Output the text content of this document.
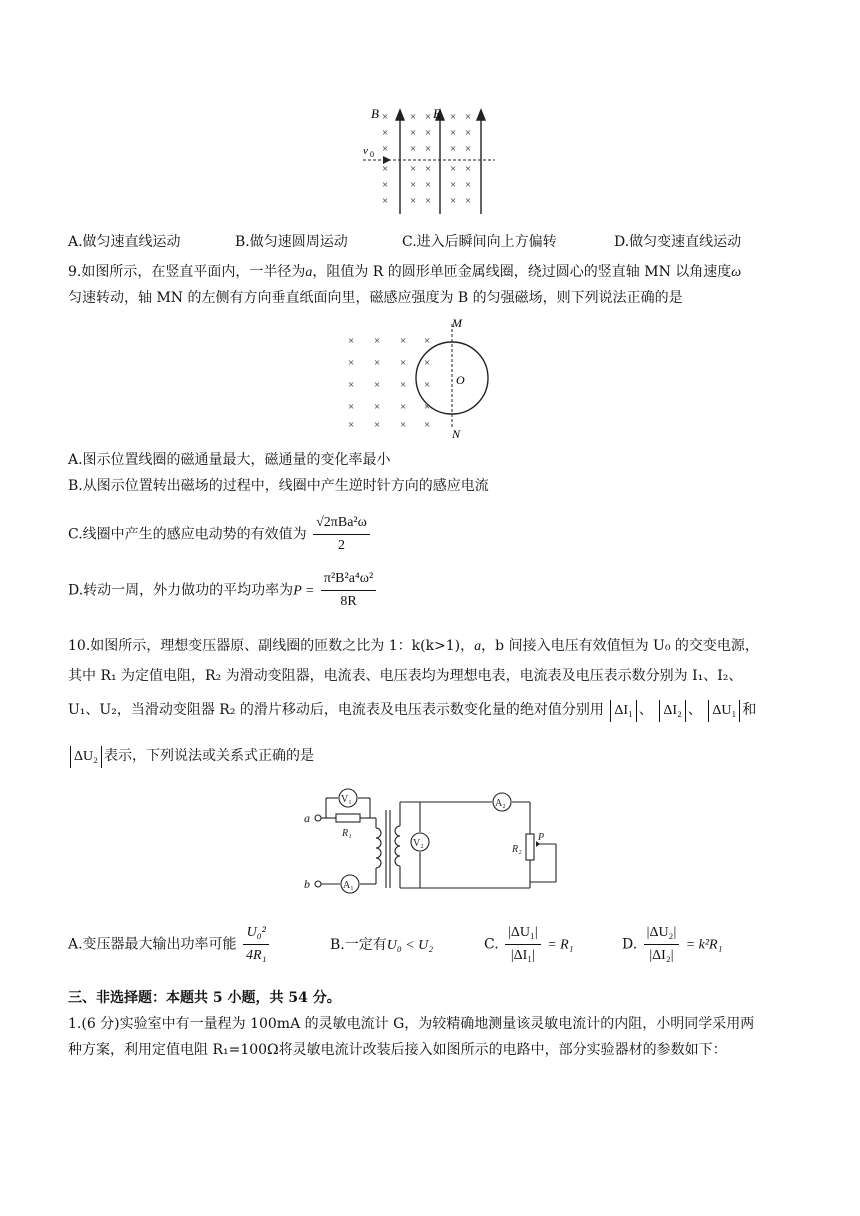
×
×
×
×
×
×
×
×
×
×
×
×
×
×
×
×
×
×
×
×
×
×
×
×
×
×
×
×
×
×
B	E
v 0
A.做匀速直线运动	B.做匀速圆周运动	C.进入后瞬间向上方偏转	D.做匀变速直线运动
9.如图所示，在竖直平面内，一半径为a，阻值为 R 的圆形单匝金属线圈，绕过圆心的竖直轴 MN 以角速度ω
匀速转动，轴 MN 的左侧有方向垂直纸面向里，磁感应强度为 B 的匀强磁场，则下列说法正确的是
×
×
×
×
×
×
×
×
×
×
×
×
×
×
×
×
×
×
×
×
M
N
O
A.图示位置线圈的磁通量最大，磁通量的变化率最小
B.从图示位置转出磁场的过程中，线圈中产生逆时针方向的感应电流
C.线圈中产生的感应电动势的有效值为 $\frac{\text{√2πBa²ω}}{2}$
D.转动一周，外力做功的平均功率为$P = \frac{\text{π²B²a⁴ω²}}{8R}$
10.如图所示，理想变压器原、副线圈的匝数之比为 1：k(k>1)，a，b 间接入电压有效值恒为 U₀ 的交变电源，
其中 R₁ 为定值电阻，R₂ 为滑动变阻器，电流表、电压表均为理想电表，电流表及电压表示数分别为 I₁、I₂、
U₁、U₂，当滑动变阻器 R₂ 的滑片移动后，电流表及电压表示数变化量的绝对值分别用 ΔI₁ 、 ΔI₂ 、 ΔU₁ 和
ΔU₂ 表示，下列说法或关系式正确的是
V₁
V₂
A₁
A₂
R₁
R₂
P
a
b
A.变压器最大输出功率可能 $\frac{\text{U₀²}}{\text{4R₁}}$	B.一定有U₀ < U₂	C. $\frac{\text{|ΔU₁|}}{\text{|ΔI₁|}} = R_1$	D. $\frac{\text{|ΔU₂|}}{\text{|ΔI₂|}} = k^2R_1$
三、非选择题：本题共 5 小题，共 54 分。
1.(6 分)实验室中有一量程为 100mA 的灵敏电流计 G，为较精确地测量该灵敏电流计的内阻，小明同学采用两
种方案，利用定值电阻 R₁=100Ω将灵敏电流计改装后接入如图所示的电路中，部分实验器材的参数如下：
